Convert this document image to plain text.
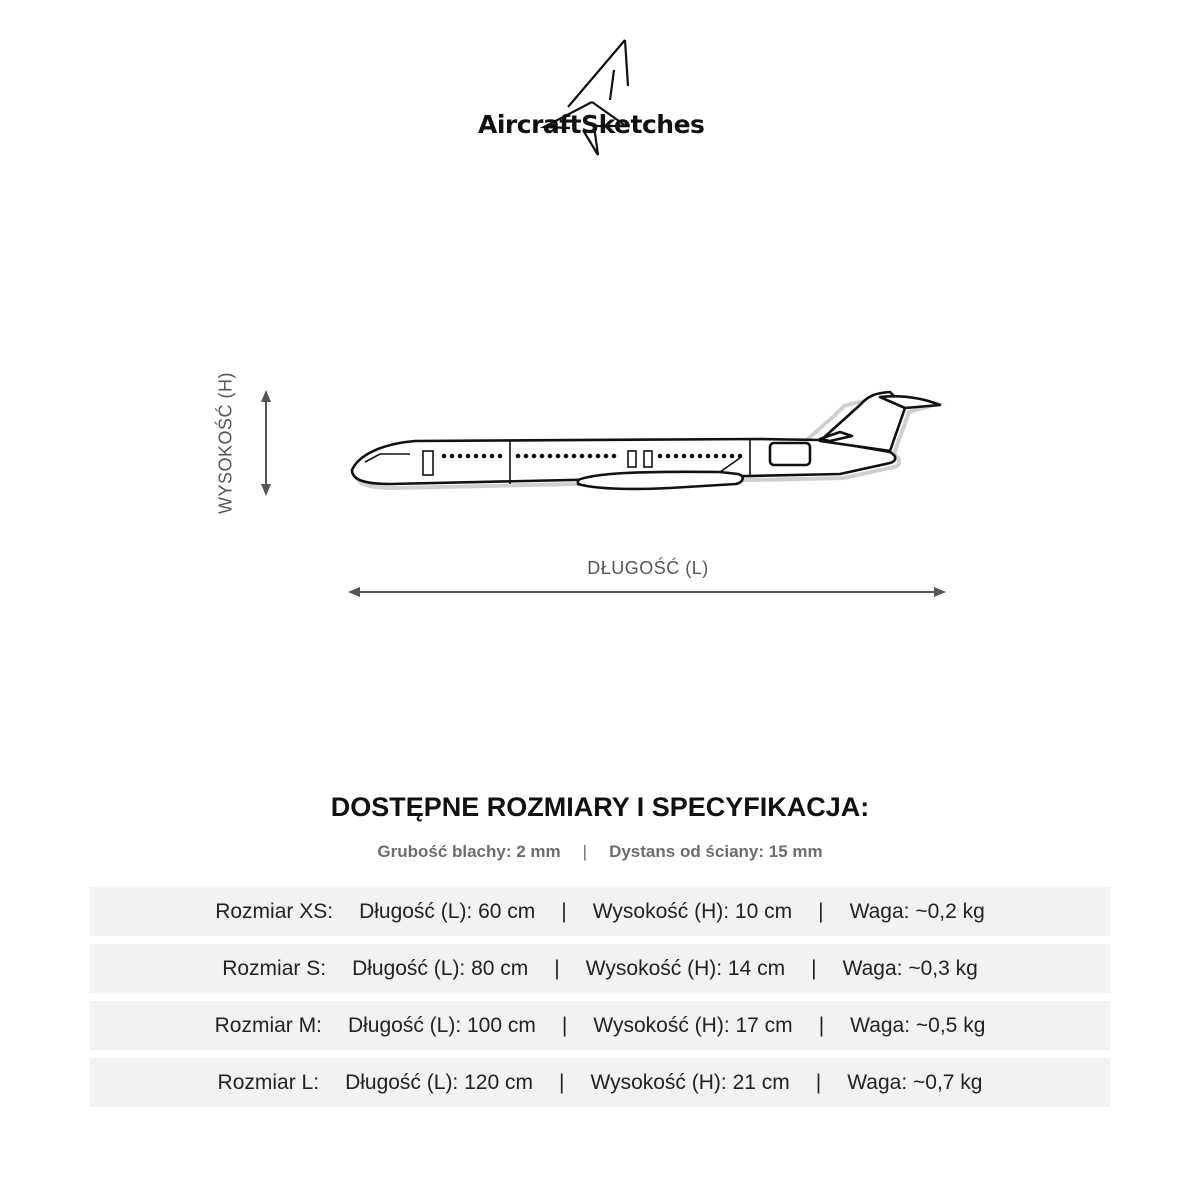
AircraftSketches
WYSOKOŚĆ (H)
DŁUGOŚĆ (L)
DOSTĘPNE ROZMIARY I SPECYFIKACJA:
Grubość blachy: 2 mm | Dystans od ściany: 15 mm
Rozmiar XS: Długość (L): 60 cm | Wysokość (H): 10 cm | Waga: ~0,2 kg
Rozmiar S: Długość (L): 80 cm | Wysokość (H): 14 cm | Waga: ~0,3 kg
Rozmiar M: Długość (L): 100 cm | Wysokość (H): 17 cm | Waga: ~0,5 kg
Rozmiar L: Długość (L): 120 cm | Wysokość (H): 21 cm | Waga: ~0,7 kg
